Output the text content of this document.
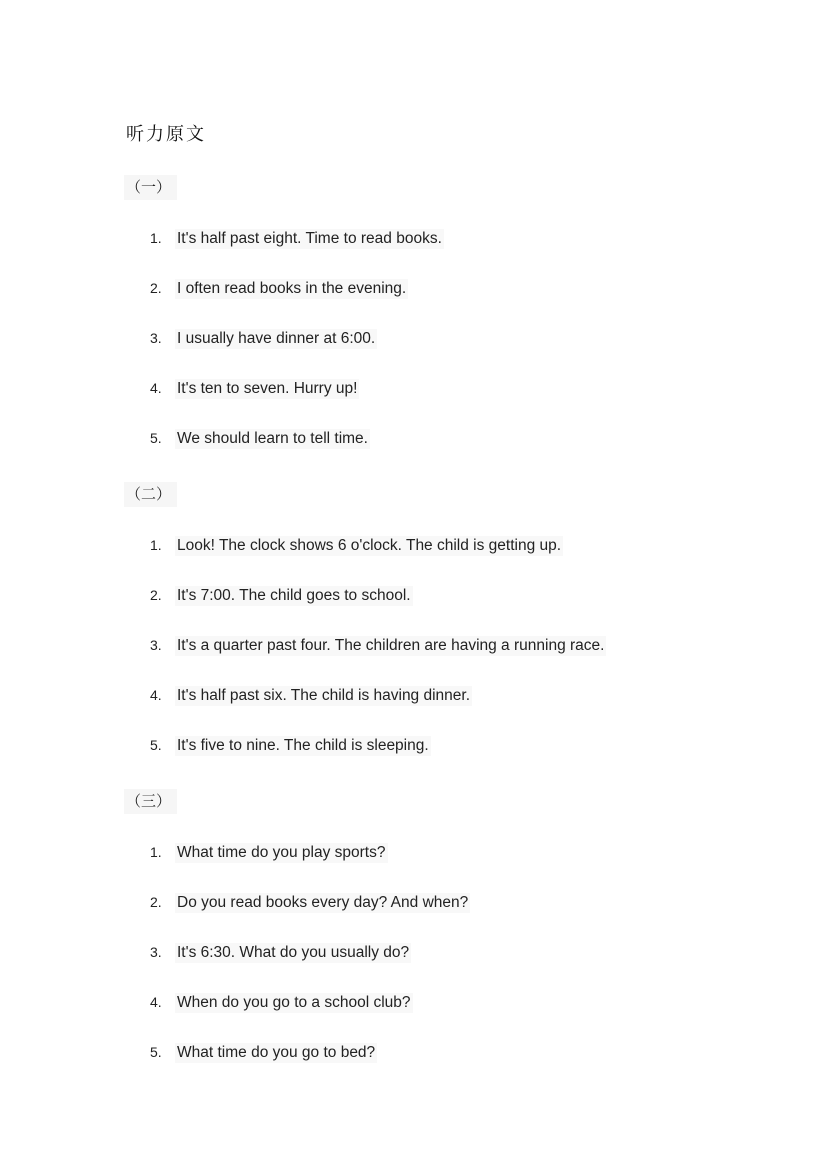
听力原文
（一）
1. It's half past eight. Time to read books.
2. I often read books in the evening.
3. I usually have dinner at 6:00.
4. It's ten to seven. Hurry up!
5. We should learn to tell time.
（二）
1. Look! The clock shows 6 o'clock. The child is getting up.
2. It's 7:00. The child goes to school.
3. It's a quarter past four. The children are having a running race.
4. It's half past six. The child is having dinner.
5. It's five to nine. The child is sleeping.
（三）
1. What time do you play sports?
2. Do you read books every day? And when?
3. It's 6:30. What do you usually do?
4. When do you go to a school club?
5. What time do you go to bed?
